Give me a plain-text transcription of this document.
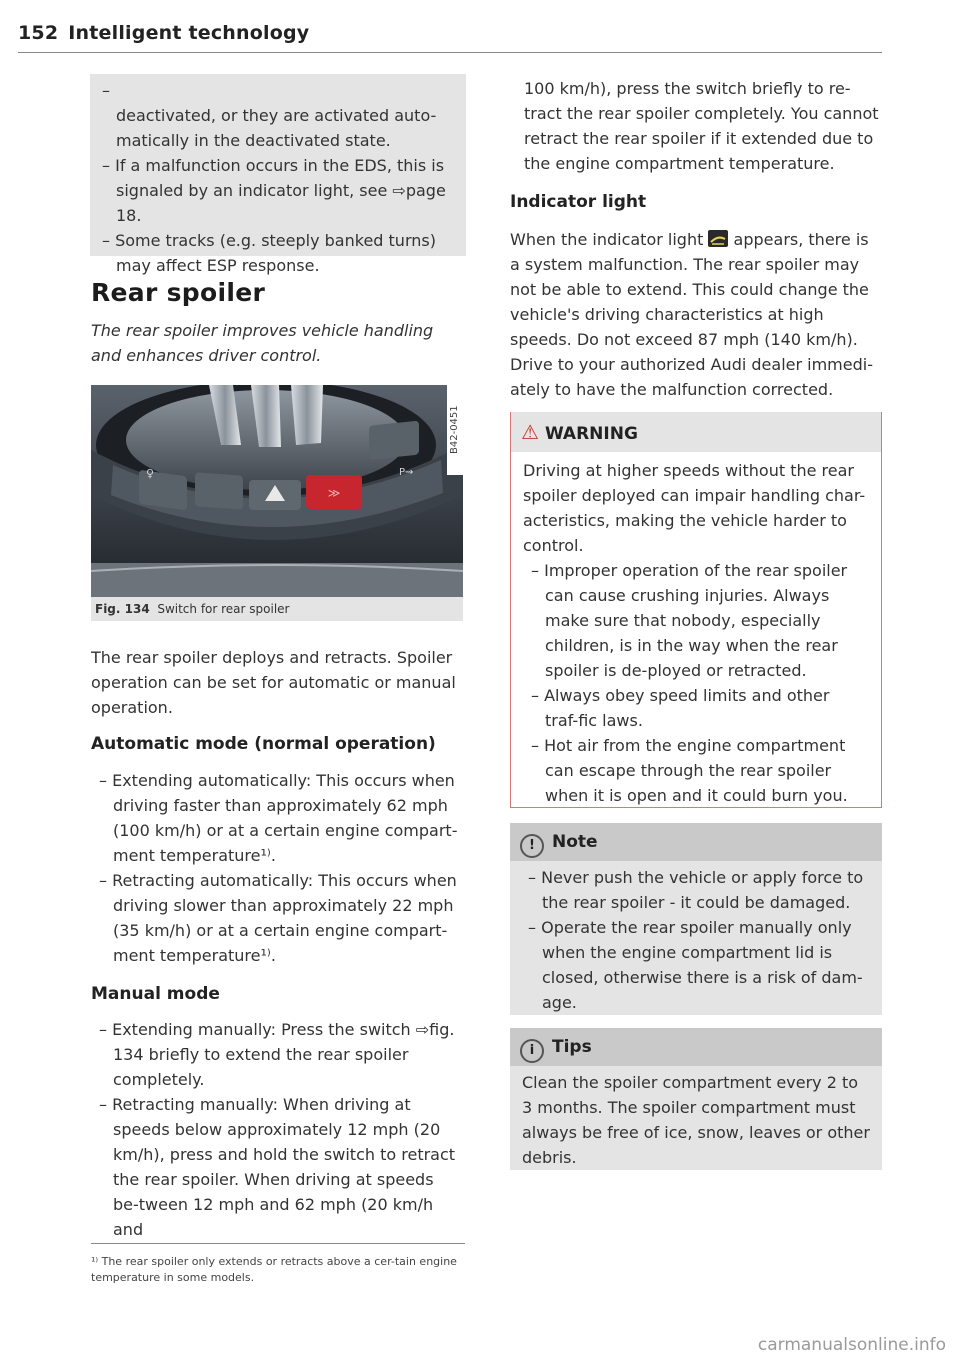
152 Intelligent technology
– deactivated, or they are activated auto-matically in the deactivated state.
– If a malfunction occurs in the EDS, this is signaled by an indicator light, see ⇨page 18.
– Some tracks (e.g. steeply banked turns) may affect ESP response.
Rear spoiler
The rear spoiler improves vehicle handling and enhances driver control.
≫
♀	P⇝
B42-0451
Fig. 134 Switch for rear spoiler
The rear spoiler deploys and retracts. Spoiler operation can be set for automatic or manual operation.
Automatic mode (normal operation)
– Extending automatically: This occurs when driving faster than approximately 62 mph (100 km/h) or at a certain engine compart-ment temperature¹⁾.
– Retracting automatically: This occurs when driving slower than approximately 22 mph (35 km/h) or at a certain engine compart-ment temperature¹⁾.
Manual mode
– Extending manually: Press the switch ⇨fig. 134 briefly to extend the rear spoiler completely.
– Retracting manually: When driving at speeds below approximately 12 mph (20 km/h), press and hold the switch to retract the rear spoiler. When driving at speeds be-tween 12 mph and 62 mph (20 km/h and
¹⁾ The rear spoiler only extends or retracts above a cer-tain engine temperature in some models.
100 km/h), press the switch briefly to re-tract the rear spoiler completely. You cannot retract the rear spoiler if it extended due to the engine compartment temperature.
Indicator light
When the indicator light appears, there is a system malfunction. The rear spoiler may not be able to extend. This could change the vehicle's driving characteristics at high speeds. Do not exceed 87 mph (140 km/h). Drive to your authorized Audi dealer immedi-ately to have the malfunction corrected.
⚠ WARNING
Driving at higher speeds without the rear spoiler deployed can impair handling char-acteristics, making the vehicle harder to control.
– Improper operation of the rear spoiler can cause crushing injuries. Always make sure that nobody, especially children, is in the way when the rear spoiler is de-ployed or retracted.
– Always obey speed limits and other traf-fic laws.
– Hot air from the engine compartment can escape through the rear spoiler when it is open and it could burn you.
! Note
– Never push the vehicle or apply force to the rear spoiler - it could be damaged.
– Operate the rear spoiler manually only when the engine compartment lid is closed, otherwise there is a risk of dam-age.
i Tips
Clean the spoiler compartment every 2 to 3 months. The spoiler compartment must always be free of ice, snow, leaves or other debris.
carmanualsonline.info
